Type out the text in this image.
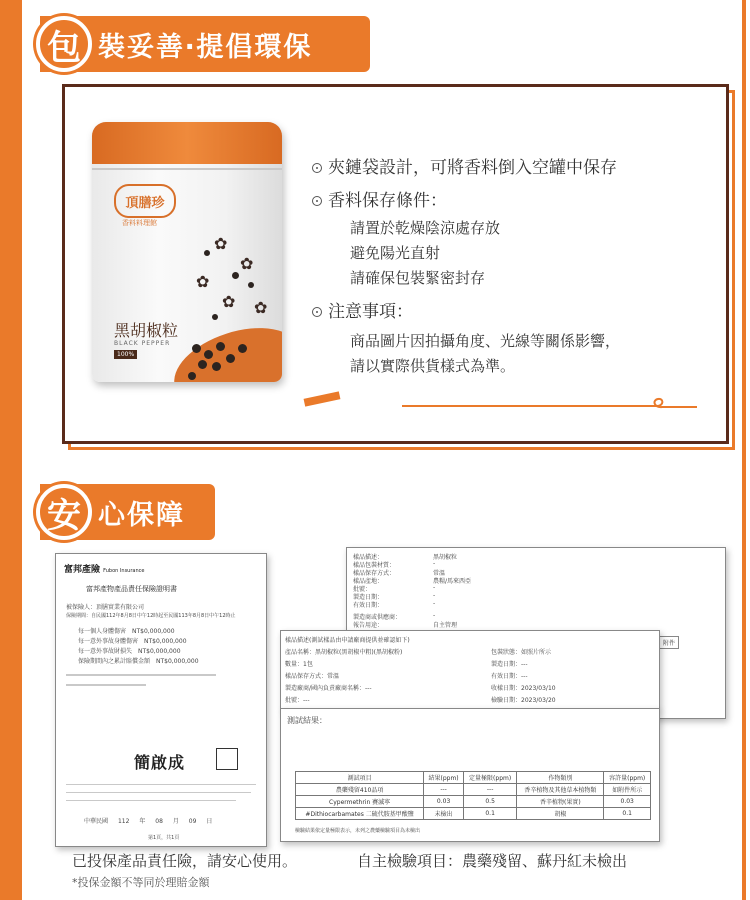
包 裝妥善‧提倡環保
頂膳珍
香料料理館
✿
✿
✿
✿ ✿
黑胡椒粒
BLACK PEPPER
100%
夾鏈袋設計，可將香料倒入空罐中保存
香料保存條件：
請置於乾燥陰涼處存放
避免陽光直射
請確保包裝緊密封存
注意事項：
商品圖片因拍攝角度、光線等關係影響，
請以實際供貨樣式為準。
安 心保障
富邦產險 Fubon Insurance
富邦產物產品責任保險證明書
被保險人：頂膳實業有限公司
保險期間：自民國112年8月8日中午12時起至民國113年8月8日中午12時止
每一個人身體傷害　NT$0,000,000
每一意外事故身體傷害　NT$0,000,000
每一意外事故財損失　NT$0,000,000
保險期間內之累計賠償金額　NT$0,000,000
簡啟成
中華民國 112 年 08 月 09 日
第1頁，共1頁
樣品描述：	黑胡椒粒
樣品包裝材質：	-
樣品保存方式：	常溫
樣品產地：	農糧/馬來西亞
批號：	-
製造日期：	-
有效日期：	-
製造商或供應商：	-
報告用途：	自主管理
附件
樣品描述(測試樣品由申請廠商提供並確認如下)
產品名稱：黑胡椒粒(黑胡椒中粗)(黑胡椒粉)	包裝狀態：如照片所示
數量：1包	製造日期：---
樣品保存方式：常溫	有效日期：---
製造廠商/國內負責廠商名稱：---	收樣日期：2023/03/10
批號：---	檢驗日期：2023/03/20
測試結果：
測試項目	結果(ppm)	定量極限(ppm)	作物類別	容許量(ppm)
農藥殘留410品項	---	---	香辛植物及其他草本植物類	如附件所示
Cypermethrin 賽滅寧	0.03	0.5	香辛植物(果實)	0.03
#Dithiocarbamates 二硫代胺基甲酸鹽	未檢出	0.1	胡椒	0.1
檢驗結果依定量極限表示，未列之農藥檢驗項目為未檢出
已投保產品責任險，請安心使用。	自主檢驗項目：農藥殘留、蘇丹紅未檢出
*投保金額不等同於理賠金額
